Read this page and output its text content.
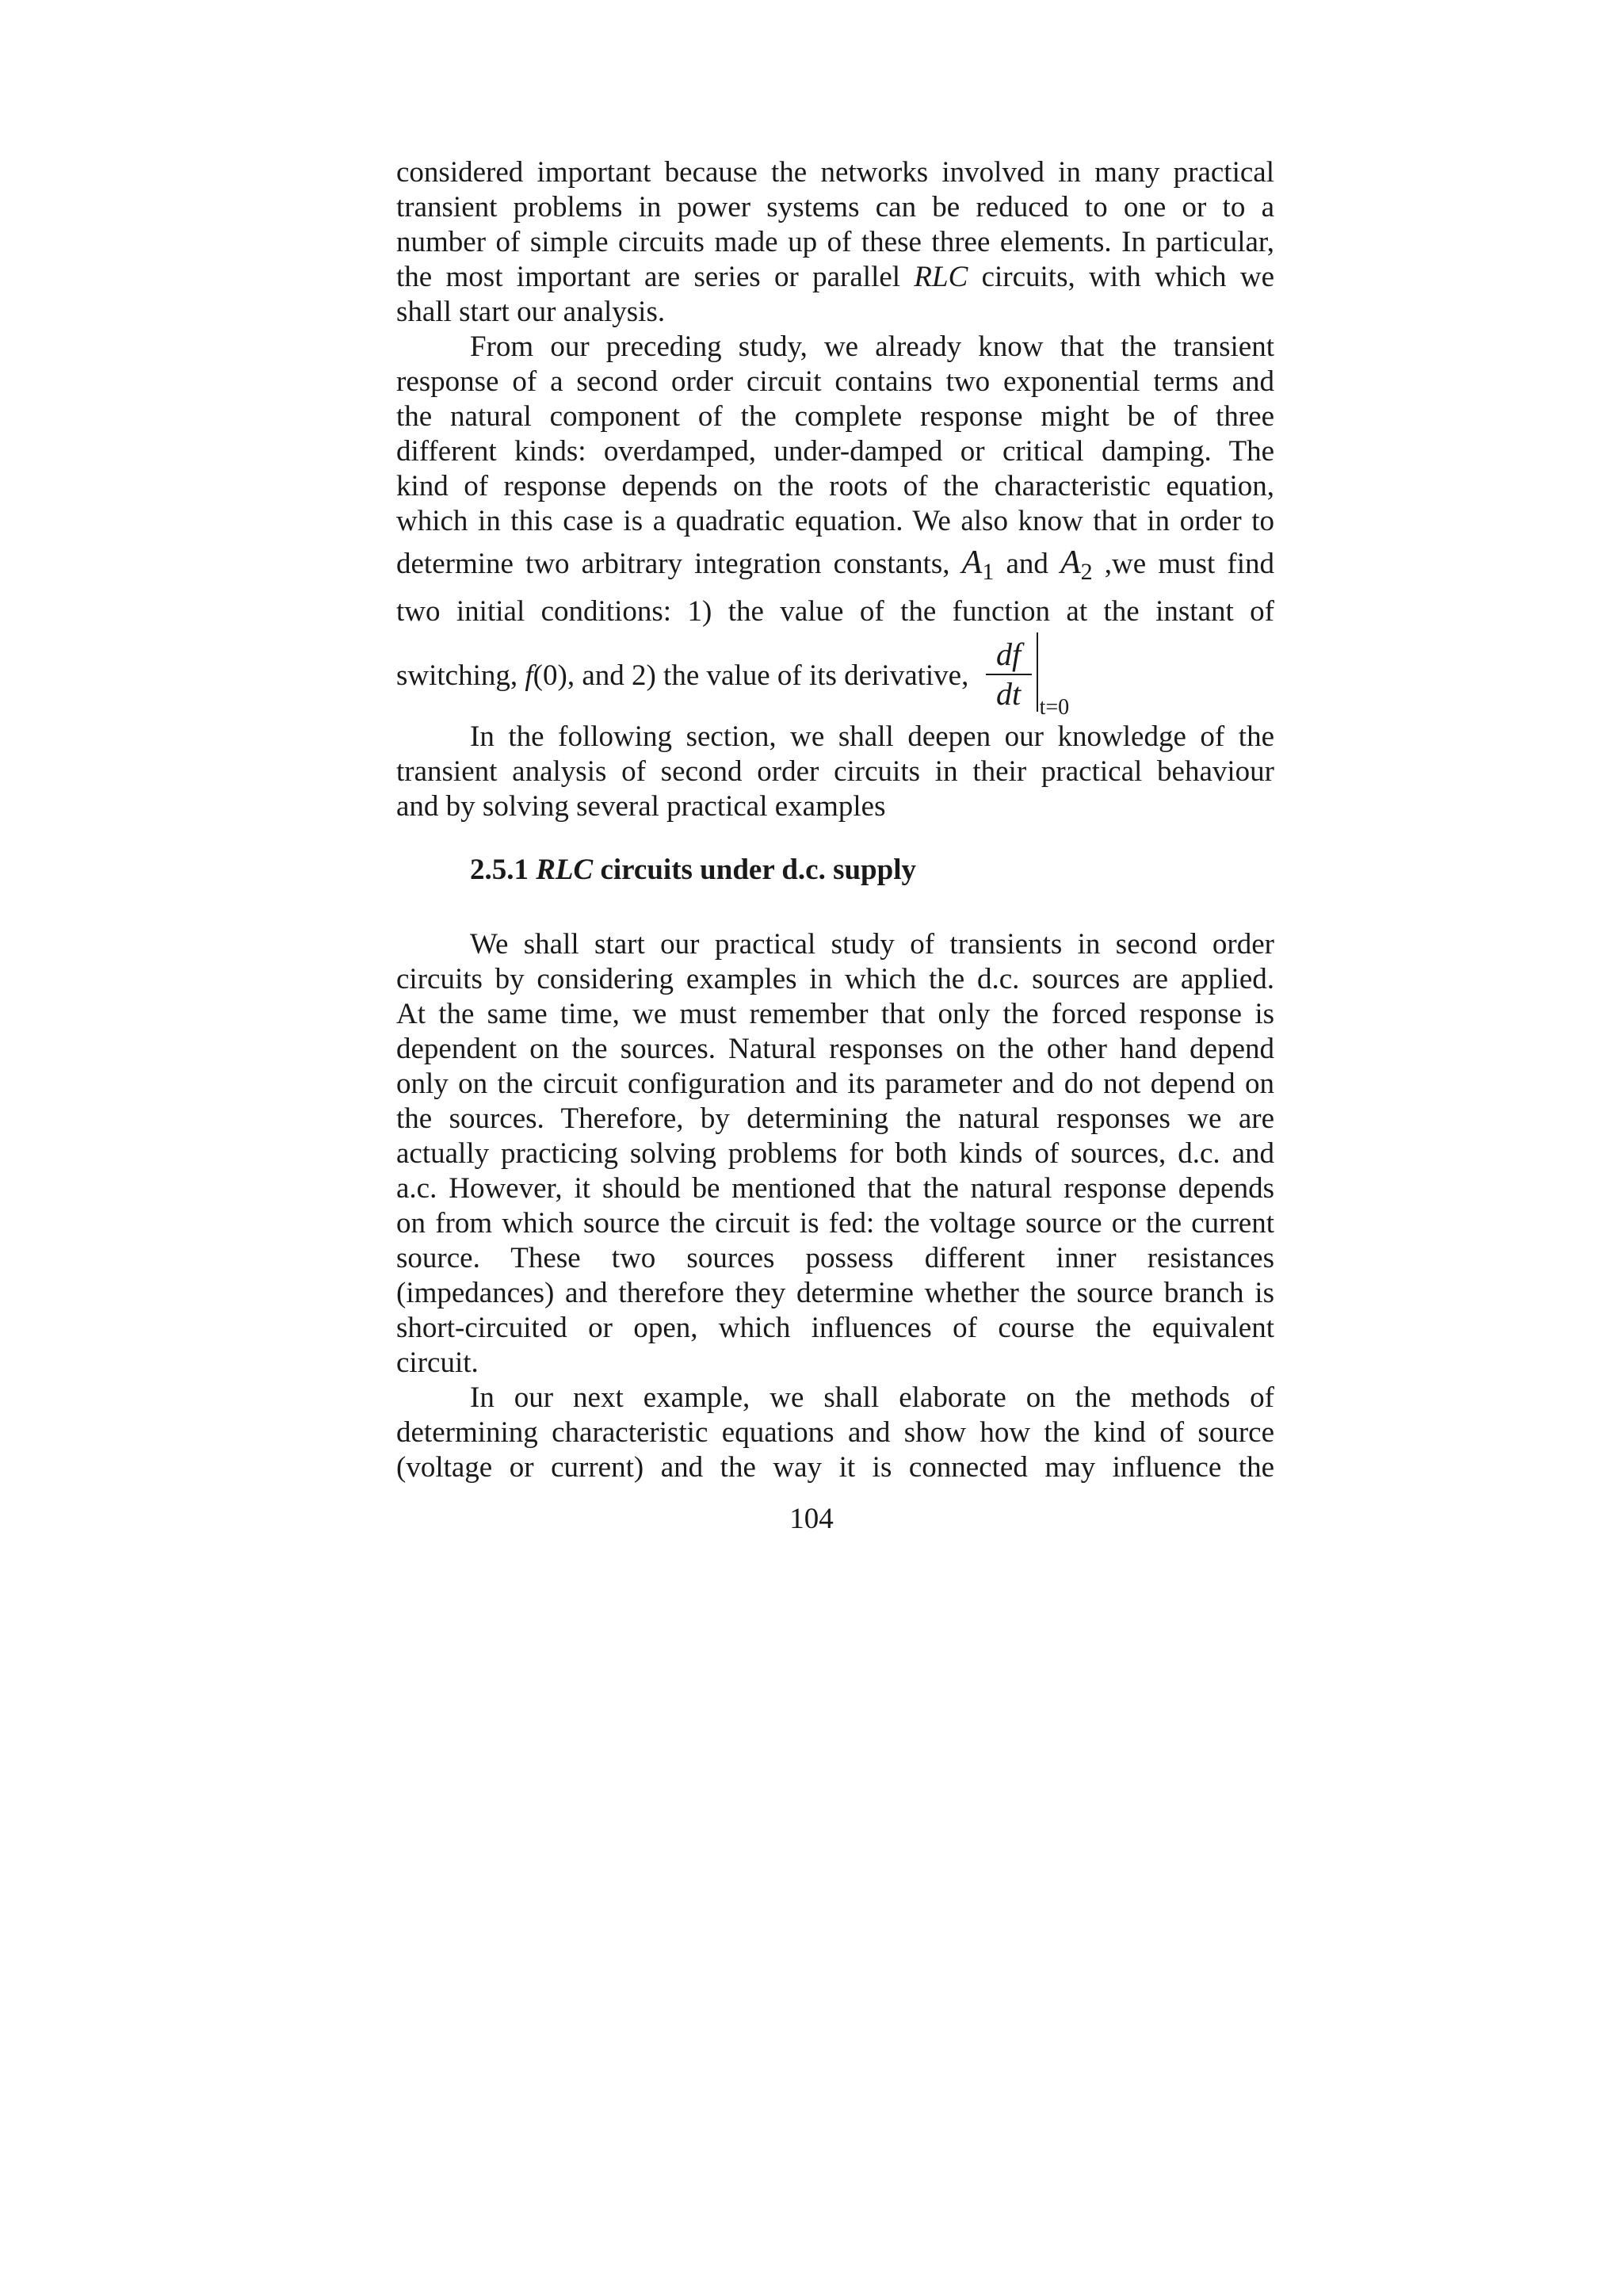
considered important because the networks involved in many practical
transient problems in power systems can be reduced to one or to a
number of simple circuits made up of these three elements. In particular,
the most important are series or parallel RLC circuits, with which we
shall start our analysis.

From our preceding study, we already know that the transient
response of a second order circuit contains two exponential terms and
the natural component of the complete response might be of three
different kinds: overdamped, under-damped or critical damping. The
kind of response depends on the roots of the characteristic equation,
which in this case is a quadratic equation. We also know that in order to
determine two arbitrary integration constants, $A_1$ and $A_2$ ,we must find
two initial conditions: 1) the value of the function at the instant of
switching, f (0), and 2) the value of its derivative, $\frac{df}{dt} t=0$

In the following section, we shall deepen our knowledge of the
transient analysis of second order circuits in their practical behaviour
and by solving several practical examples

2.5.1 RLC circuits under d.c. supply

We shall start our practical study of transients in second order
circuits by considering examples in which the d.c. sources are applied.
At the same time, we must remember that only the forced response is
dependent on the sources. Natural responses on the other hand depend
only on the circuit configuration and its parameter and do not depend on
the sources. Therefore, by determining the natural responses we are
actually practicing solving problems for both kinds of sources, d.c. and
a.c. However, it should be mentioned that the natural response depends
on from which source the circuit is fed: the voltage source or the current
source. These two sources possess different inner resistances
(impedances) and therefore they determine whether the source branch is
short-circuited or open, which influences of course the equivalent
circuit.

In our next example, we shall elaborate on the methods of
determining characteristic equations and show how the kind of source
(voltage or current) and the way it is connected may influence the

104
